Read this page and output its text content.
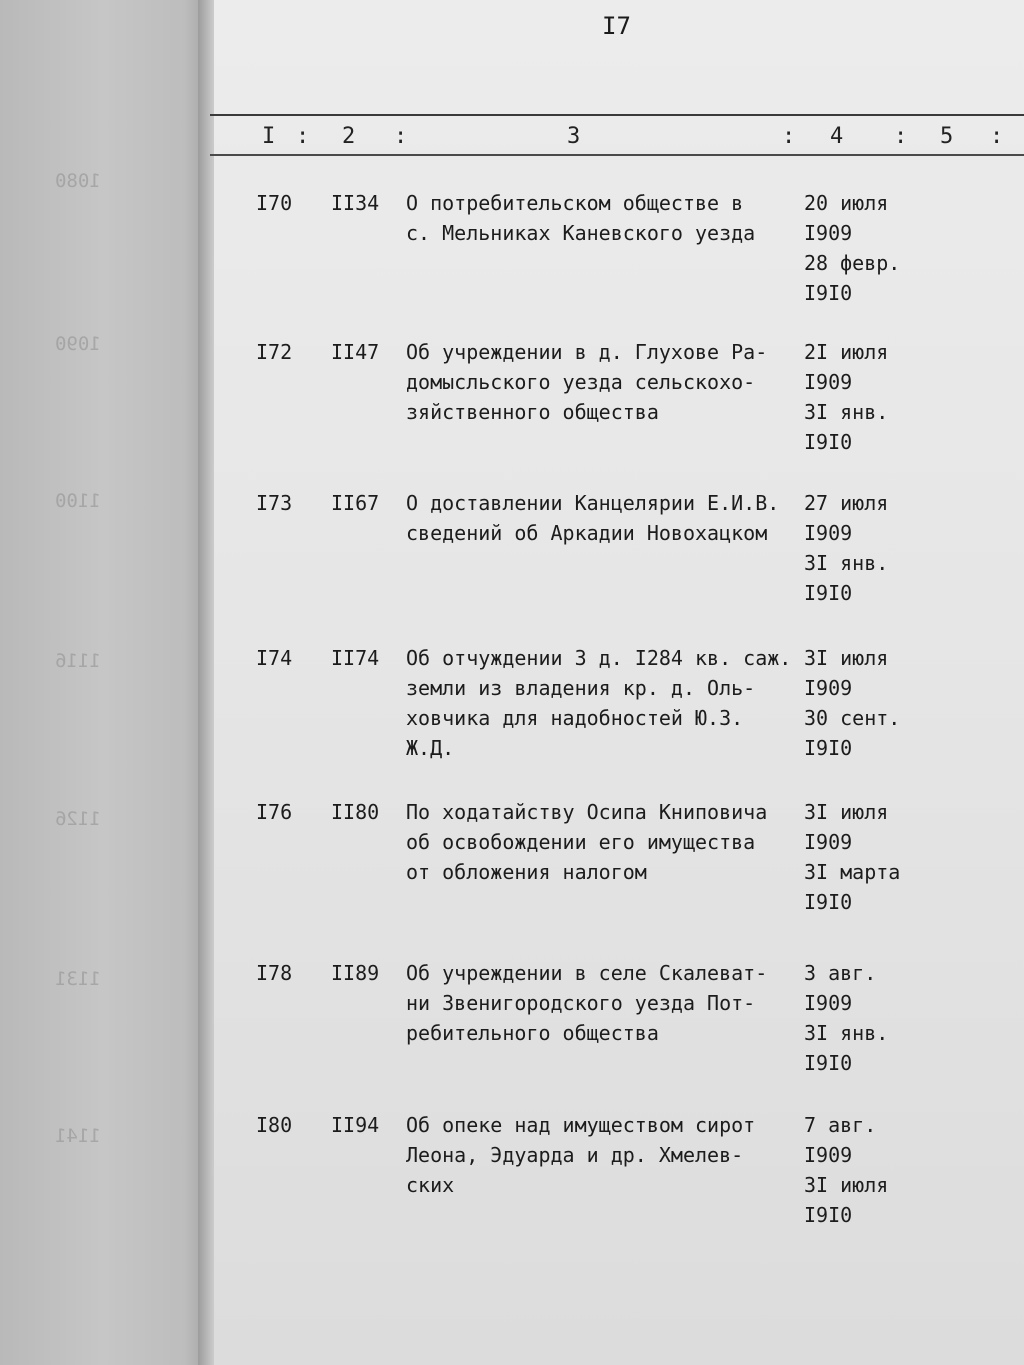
1080
1090
1100
1116
1126
1131
1141
I7
I : 2 :	3	: 4 : 5 :
I70 II34 О потребительском обществе в
с. Мельниках Каневского уезда
20 июля
I909
28 февр.
I9I0
I72 II47 Об учреждении в д. Глухове Ра-
домысльского уезда сельскохо-
зяйственного общества
2I июля
I909
3I янв.
I9I0
I73 II67 О доставлении Канцелярии Е.И.В.
сведений об Аркадии Новохацком
27 июля
I909
3I янв.
I9I0
I74 II74 Об отчуждении 3 д. I284 кв. саж.
земли из владения кр. д. Оль-
ховчика для надобностей Ю.З.
Ж.Д.
3I июля
I909
30 сент.
I9I0
I76 II80 По ходатайству Осипа Книповича
об освобождении его имущества
от обложения налогом
3I июля
I909
3I марта
I9I0
I78 II89 Об учреждении в селе Скалеват-
ни Звенигородского уезда Пот-
ребительного общества
3 авг.
I909
3I янв.
I9I0
I80 II94 Об опеке над имуществом сирот
Леона, Эдуарда и др. Хмелев-
ских
7 авг.
I909
3I июля
I9I0
